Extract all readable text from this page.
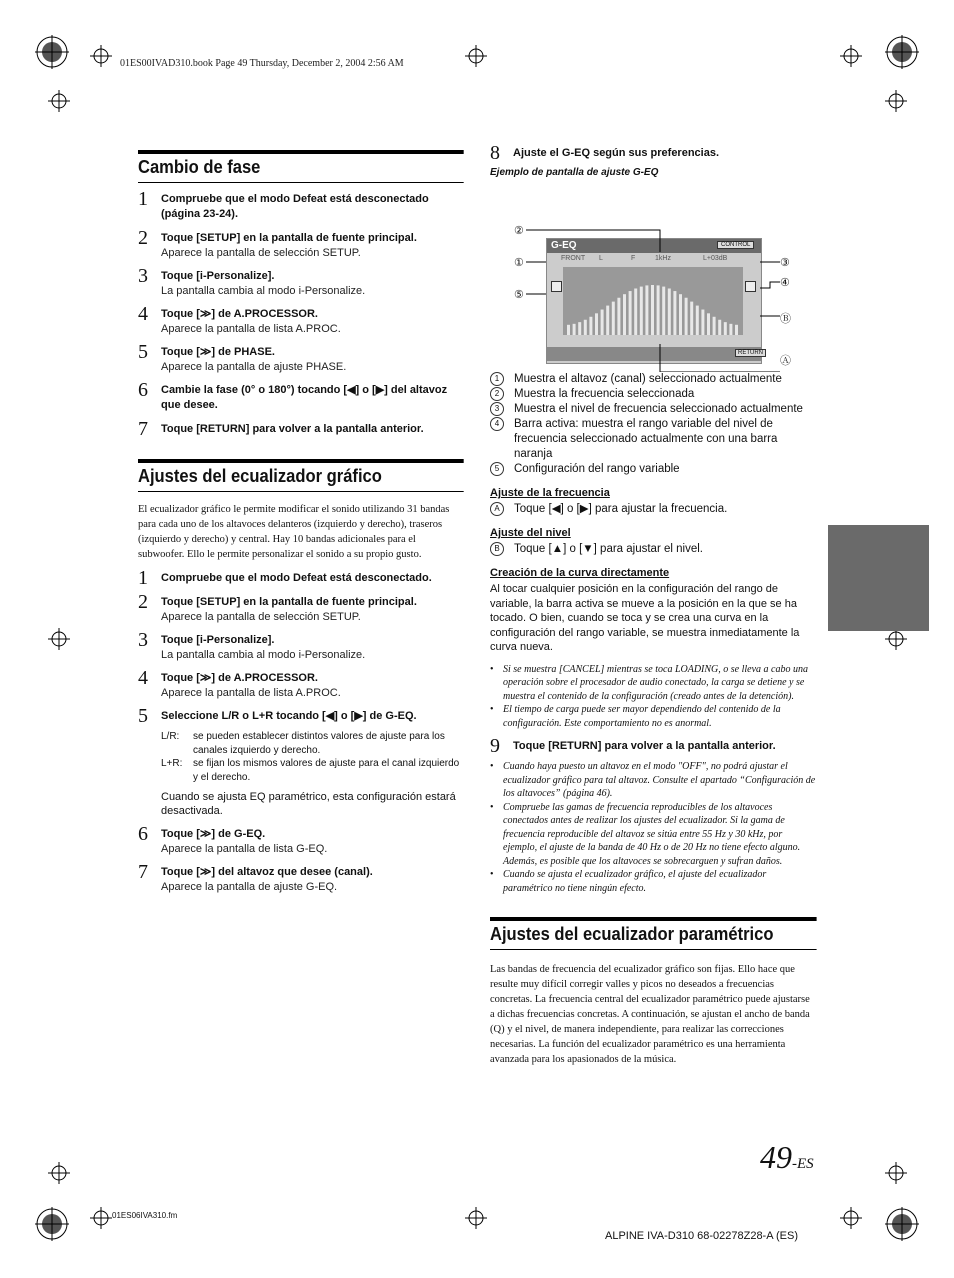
01ES00IVAD310.book Page 49 Thursday, December 2, 2004 2:56 AM
Cambio de fase
1 Compruebe que el modo Defeat está desconectado (página 23-24).
2 Toque [SETUP] en la pantalla de fuente principal.
Aparece la pantalla de selección SETUP.
3 Toque [i-Personalize].
La pantalla cambia al modo i-Personalize.
4 Toque [≫] de A.PROCESSOR.
Aparece la pantalla de lista A.PROC.
5 Toque [≫] de PHASE.
Aparece la pantalla de ajuste PHASE.
6 Cambie la fase (0° o 180°) tocando [◀] o [▶] del altavoz que desee.
7 Toque [RETURN] para volver a la pantalla anterior.
Ajustes del ecualizador gráfico
El ecualizador gráfico le permite modificar el sonido utilizando 31 bandas para cada uno de los altavoces delanteros (izquierdo y derecho), traseros (izquierdo y derecho) y central. Hay 10 bandas adicionales para el subwoofer. Ello le permite personalizar el sonido a su propio gusto.
1 Compruebe que el modo Defeat está desconectado.
2 Toque [SETUP] en la pantalla de fuente principal.
Aparece la pantalla de selección SETUP.
3 Toque [i-Personalize].
La pantalla cambia al modo i-Personalize.
4 Toque [≫] de A.PROCESSOR.
Aparece la pantalla de lista A.PROC.
5 Seleccione L/R o L+R tocando [◀] o [▶] de G-EQ.
L/R:	se pueden establecer distintos valores de ajuste para los canales izquierdo y derecho.
L+R:	se fijan los mismos valores de ajuste para el canal izquierdo y el derecho.
Cuando se ajusta EQ paramétrico, esta configuración estará desactivada.
6 Toque [≫] de G-EQ.
Aparece la pantalla de lista G-EQ.
7 Toque [≫] del altavoz que desee (canal).
Aparece la pantalla de ajuste G-EQ.
8 Ajuste el G-EQ según sus preferencias.
Ejemplo de pantalla de ajuste G-EQ
G-EQ	CONTROL
FRONT L	F	1kHz	L+03dB
RETURN
②
①
⑤
③
④
Ⓑ
Ⓐ
1	Muestra el altavoz (canal) seleccionado actualmente
2	Muestra la frecuencia seleccionada
3	Muestra el nivel de frecuencia seleccionado actualmente
4	Barra activa: muestra el rango variable del nivel de frecuencia seleccionado actualmente con una barra naranja
5	Configuración del rango variable
Ajuste de la frecuencia
A	Toque [◀] o [▶] para ajustar la frecuencia.
Ajuste del nivel
B	Toque [▲] o [▼] para ajustar el nivel.
Creación de la curva directamente
Al tocar cualquier posición en la configuración del rango de variable, la barra activa se mueve a la posición en la que se ha tocado. O bien, cuando se toca y se crea una curva en la configuración del rango variable, se muestra inmediatamente la curva nueva.
• Si se muestra [CANCEL] mientras se toca LOADING, o se lleva a cabo una operación sobre el procesador de audio conectado, la carga se detiene y se muestra el contenido de la configuración (creado antes de la detención).
• El tiempo de carga puede ser mayor dependiendo del contenido de la configuración. Este comportamiento no es anormal.
9 Toque [RETURN] para volver a la pantalla anterior.
• Cuando haya puesto un altavoz en el modo "OFF", no podrá ajustar el ecualizador gráfico para tal altavoz. Consulte el apartado “Configuración de los altavoces” (página 46).
• Compruebe las gamas de frecuencia reproducibles de los altavoces conectados antes de realizar los ajustes del ecualizador. Si la gama de frecuencia reproducible del altavoz se sitúa entre 55 Hz y 30 kHz, por ejemplo, el ajuste de la banda de 40 Hz o de 20 Hz no tiene efecto alguno. Además, es posible que los altavoces se sobrecarguen y sufran daños.
• Cuando se ajusta el ecualizador gráfico, el ajuste del ecualizador paramétrico no tiene ningún efecto.
Ajustes del ecualizador paramétrico
Las bandas de frecuencia del ecualizador gráfico son fijas. Ello hace que resulte muy difícil corregir valles y picos no deseados a frecuencias concretas. La frecuencia central del ecualizador paramétrico puede ajustarse a dichas frecuencias concretas. A continuación, se ajustan el ancho de banda (Q) y el nivel, de manera independiente, para realizar las correcciones necesarias. La función del ecualizador paramétrico es una herramienta avanzada para los apasionados de la música.
49-ES
01ES06IVA310.fm
ALPINE IVA-D310 68-02278Z28-A (ES)
